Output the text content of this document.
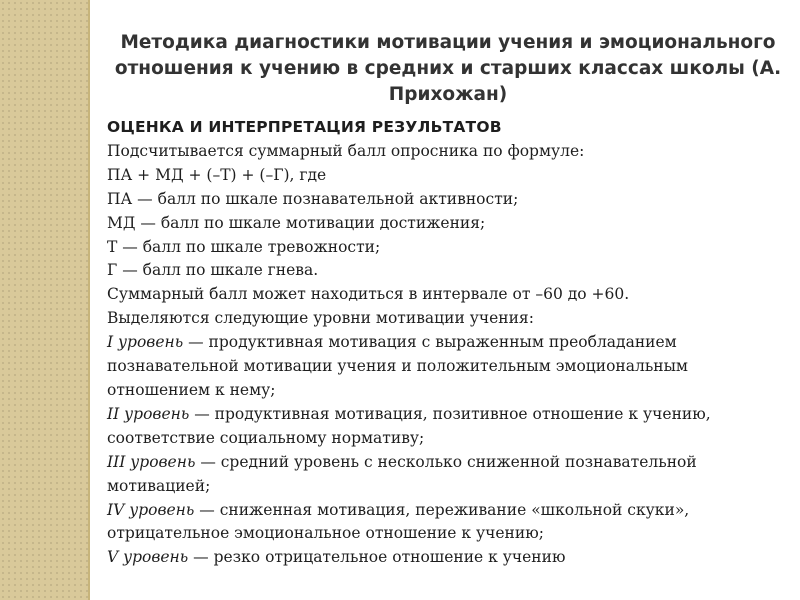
Методика диагностики мотивации учения и эмоционального отношения к учению в средних и старших классах школы (А. Прихожан)
ОЦЕНКА И ИНТЕРПРЕТАЦИЯ РЕЗУЛЬТАТОВ
Подсчитывается суммарный балл опросника по формуле:
ПА + МД + (–Т) + (–Г), где
ПА — балл по шкале познавательной активности;
МД — балл по шкале мотивации достижения;
Т — балл по шкале тревожности;
Г — балл по шкале гнева.
Суммарный балл может находиться в интервале от –60 до +60.
Выделяются следующие уровни мотивации учения:
I уровень — продуктивная мотивация с выраженным преобладанием
познавательной мотивации учения и положительным эмоциональным
отношением к нему;
II уровень — продуктивная мотивация, позитивное отношение к учению,
соответствие социальному нормативу;
III уровень — средний уровень с несколько сниженной познавательной
мотивацией;
IV уровень — сниженная мотивация, переживание «школьной скуки»,
отрицательное эмоциональное отношение к учению;
V уровень — резко отрицательное отношение к учению
